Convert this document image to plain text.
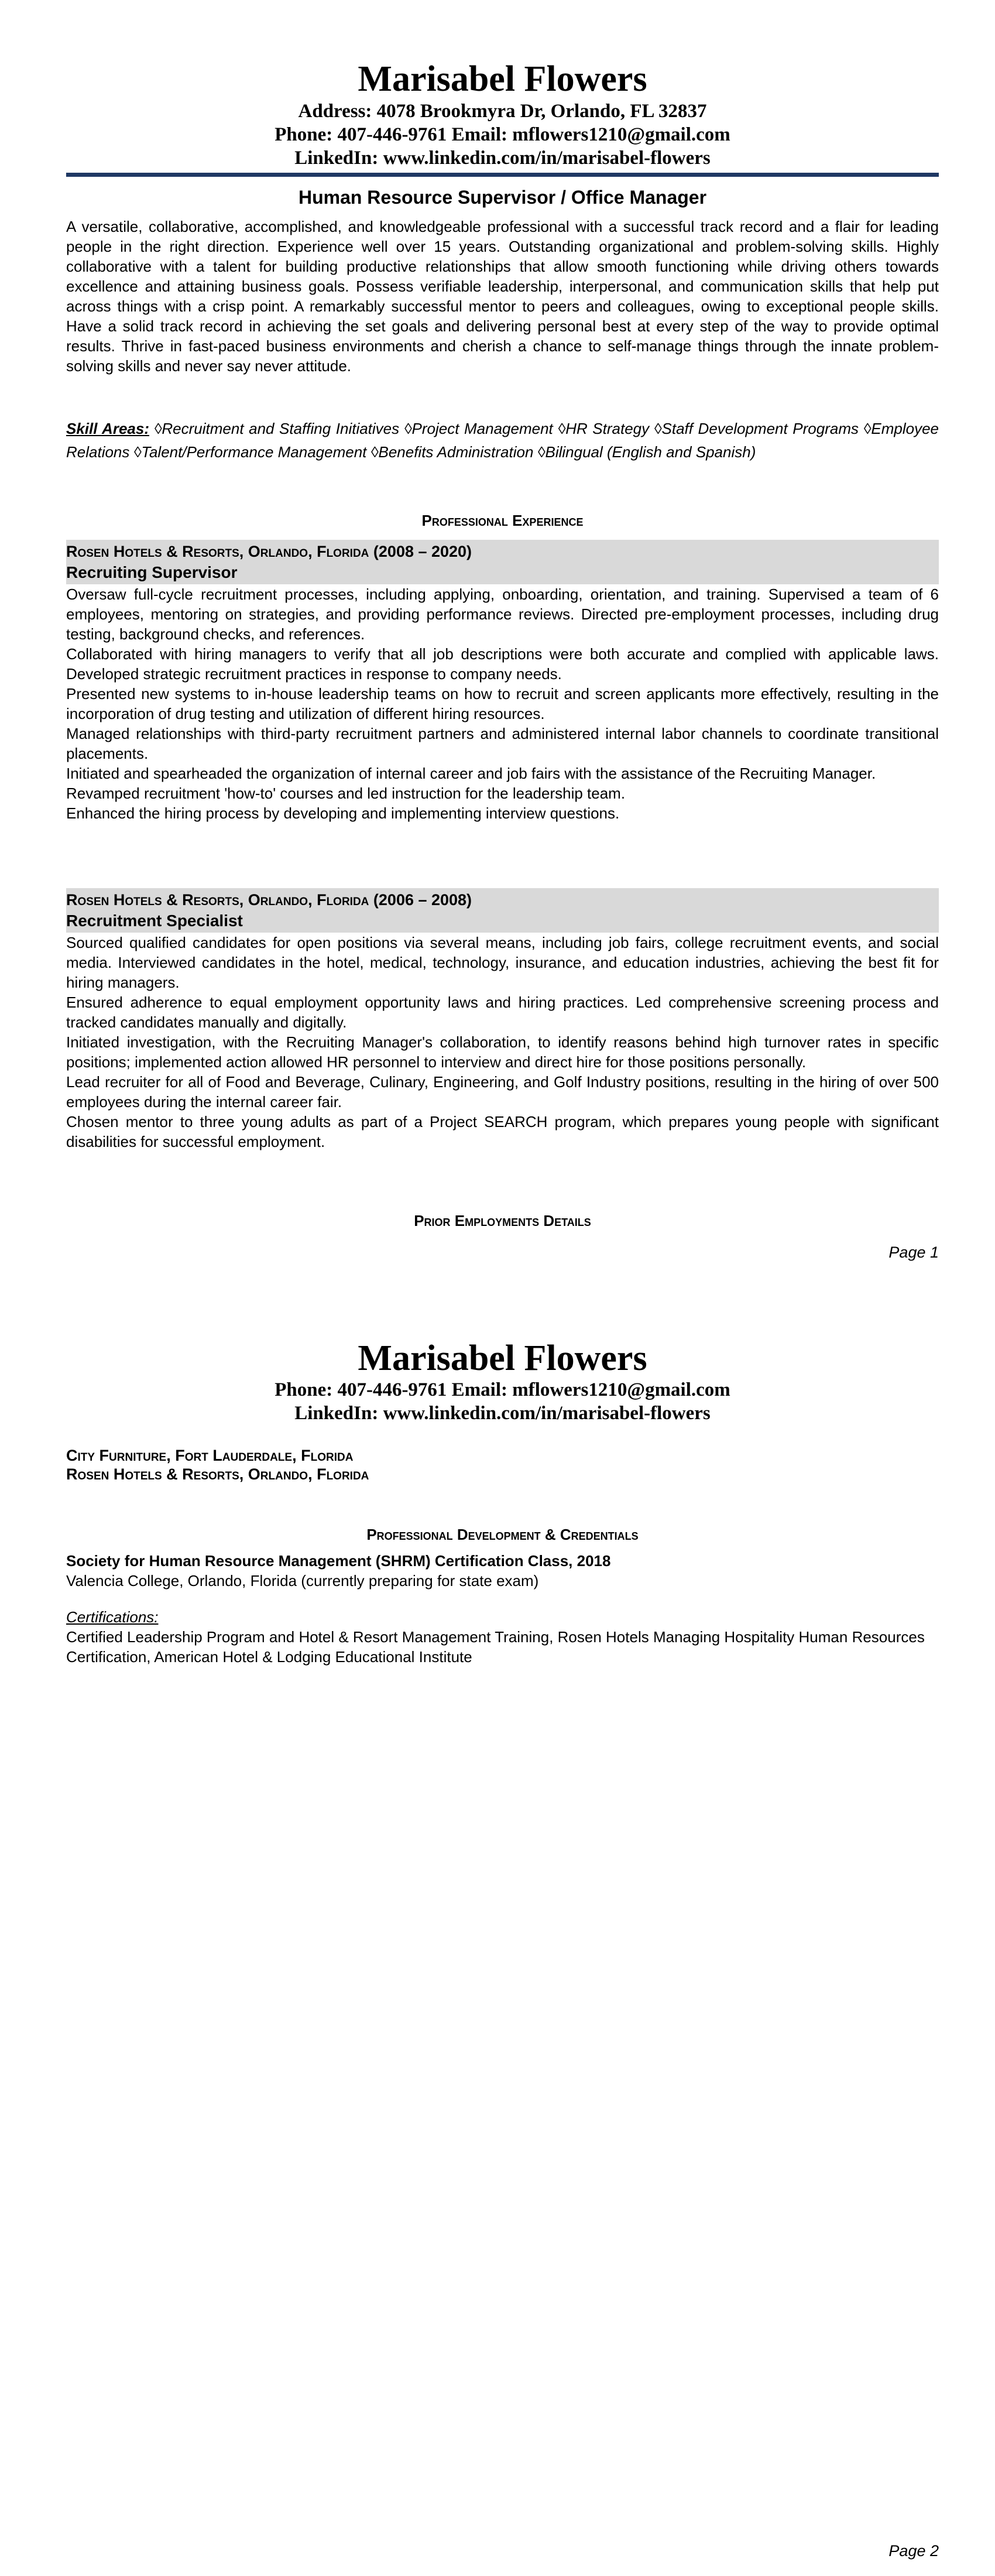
Marisabel Flowers
Address: 4078 Brookmyra Dr, Orlando, FL 32837
Phone: 407-446-9761 Email: mflowers1210@gmail.com
LinkedIn: www.linkedin.com/in/marisabel-flowers
Human Resource Supervisor / Office Manager
A versatile, collaborative, accomplished, and knowledgeable professional with a successful track record and a flair for leading people in the right direction. Experience well over 15 years. Outstanding organizational and problem-solving skills. Highly collaborative with a talent for building productive relationships that allow smooth functioning while driving others towards excellence and attaining business goals. Possess verifiable leadership, interpersonal, and communication skills that help put across things with a crisp point. A remarkably successful mentor to peers and colleagues, owing to exceptional people skills. Have a solid track record in achieving the set goals and delivering personal best at every step of the way to provide optimal results. Thrive in fast-paced business environments and cherish a chance to self-manage things through the innate problem-solving skills and never say never attitude.
Skill Areas: ◊Recruitment and Staffing Initiatives ◊Project Management ◊HR Strategy ◊Staff Development Programs ◊Employee Relations ◊Talent/Performance Management ◊Benefits Administration ◊Bilingual (English and Spanish)
Professional Experience
Rosen Hotels & Resorts, Orlando, Florida (2008 – 2020)
Recruiting Supervisor

Oversaw full-cycle recruitment processes, including applying, onboarding, orientation, and training. Supervised a team of 6 employees, mentoring on strategies, and providing performance reviews. Directed pre-employment processes, including drug testing, background checks, and references.

Collaborated with hiring managers to verify that all job descriptions were both accurate and complied with applicable laws. Developed strategic recruitment practices in response to company needs.

Presented new systems to in-house leadership teams on how to recruit and screen applicants more effectively, resulting in the incorporation of drug testing and utilization of different hiring resources.

Managed relationships with third-party recruitment partners and administered internal labor channels to coordinate transitional placements.

Initiated and spearheaded the organization of internal career and job fairs with the assistance of the Recruiting Manager.

Revamped recruitment 'how-to' courses and led instruction for the leadership team.

Enhanced the hiring process by developing and implementing interview questions.

Rosen Hotels & Resorts, Orlando, Florida (2006 – 2008)
Recruitment Specialist

Sourced qualified candidates for open positions via several means, including job fairs, college recruitment events, and social media. Interviewed candidates in the hotel, medical, technology, insurance, and education industries, achieving the best fit for hiring managers.

Ensured adherence to equal employment opportunity laws and hiring practices. Led comprehensive screening process and tracked candidates manually and digitally.

Initiated investigation, with the Recruiting Manager's collaboration, to identify reasons behind high turnover rates in specific positions; implemented action allowed HR personnel to interview and direct hire for those positions personally.

Lead recruiter for all of Food and Beverage, Culinary, Engineering, and Golf Industry positions, resulting in the hiring of over 500 employees during the internal career fair.

Chosen mentor to three young adults as part of a Project SEARCH program, which prepares young people with significant disabilities for successful employment.

Prior Employments Details
Page 1
Marisabel Flowers
Phone: 407-446-9761 Email: mflowers1210@gmail.com
LinkedIn: www.linkedin.com/in/marisabel-flowers
City Furniture, Fort Lauderdale, Florida
Rosen Hotels & Resorts, Orlando, Florida
Professional Development & Credentials
Society for Human Resource Management (SHRM) Certification Class, 2018
Valencia College, Orlando, Florida (currently preparing for state exam)
Certifications:
Certified Leadership Program and Hotel & Resort Management Training, Rosen Hotels Managing Hospitality Human Resources Certification, American Hotel & Lodging Educational Institute
Page 2
